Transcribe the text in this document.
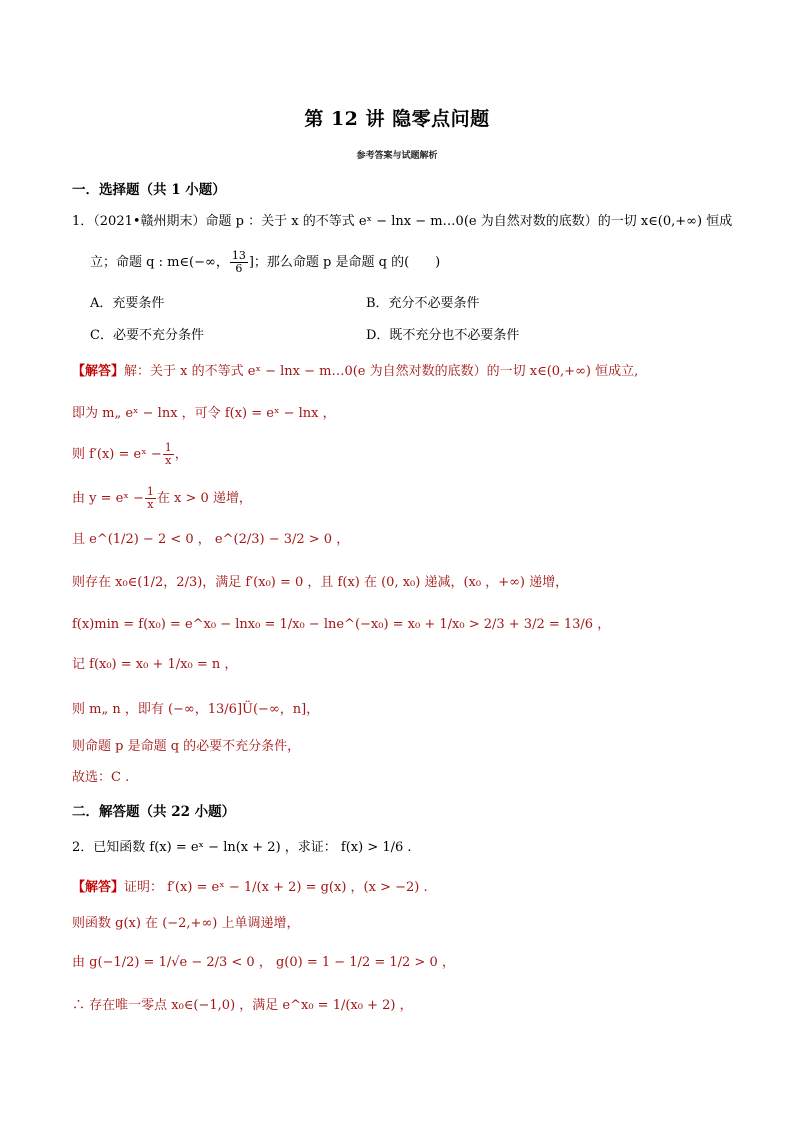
第 12 讲 隐零点问题
参考答案与试题解析
一．选择题（共 1 小题）
1．（2021•赣州期末）命题 p ：关于 x 的不等式 eˣ − lnx − m…0(e 为自然对数的底数）的一切 x∈(0,+∞) 恒成
立；命题 q : m∈(−∞， $\frac{13}{6}$ ]；那么命题 p 是命题 q 的(　　)
A．充要条件	B．充分不必要条件
C．必要不充分条件	D．既不充分也不必要条件
【解答】解：关于 x 的不等式 eˣ − lnx − m…0(e 为自然对数的底数）的一切 x∈(0,+∞) 恒成立,
即为 m„ eˣ − lnx ，可令 f(x) = eˣ − lnx ，
则 f′(x) = eˣ − $\frac{1}{x}$ ，
由 y = eˣ − $\frac{1}{x}$ 在 x > 0 递增，
且 e^(1/2) − 2 < 0 ， e^(2/3) − 3/2 > 0 ，
则存在 x₀∈(1/2，2/3)，满足 f′(x₀) = 0 ，且 f(x) 在 (0, x₀) 递减，(x₀ ，+∞) 递增，
f(x)min = f(x₀) = e^x₀ − lnx₀ = 1/x₀ − lne^(−x₀) = x₀ + 1/x₀ > 2/3 + 3/2 = 13/6 ，
记 f(x₀) = x₀ + 1/x₀ = n ，
则 m„ n ，即有 (−∞，13/6]Ü(−∞，n]，
则命题 p 是命题 q 的必要不充分条件，
故选：C .
二．解答题（共 22 小题）
2．已知函数 f(x) = eˣ − ln(x + 2) ，求证： f(x) > 1/6 .
【解答】证明： f′(x) = eˣ − 1/(x + 2) = g(x) ，(x > −2) .
则函数 g(x) 在 (−2,+∞) 上单调递增，
由 g(−1/2) = 1/√e − 2/3 < 0 ， g(0) = 1 − 1/2 = 1/2 > 0 ，
∴ 存在唯一零点 x₀∈(−1,0) ，满足 e^x₀ = 1/(x₀ + 2) ，
